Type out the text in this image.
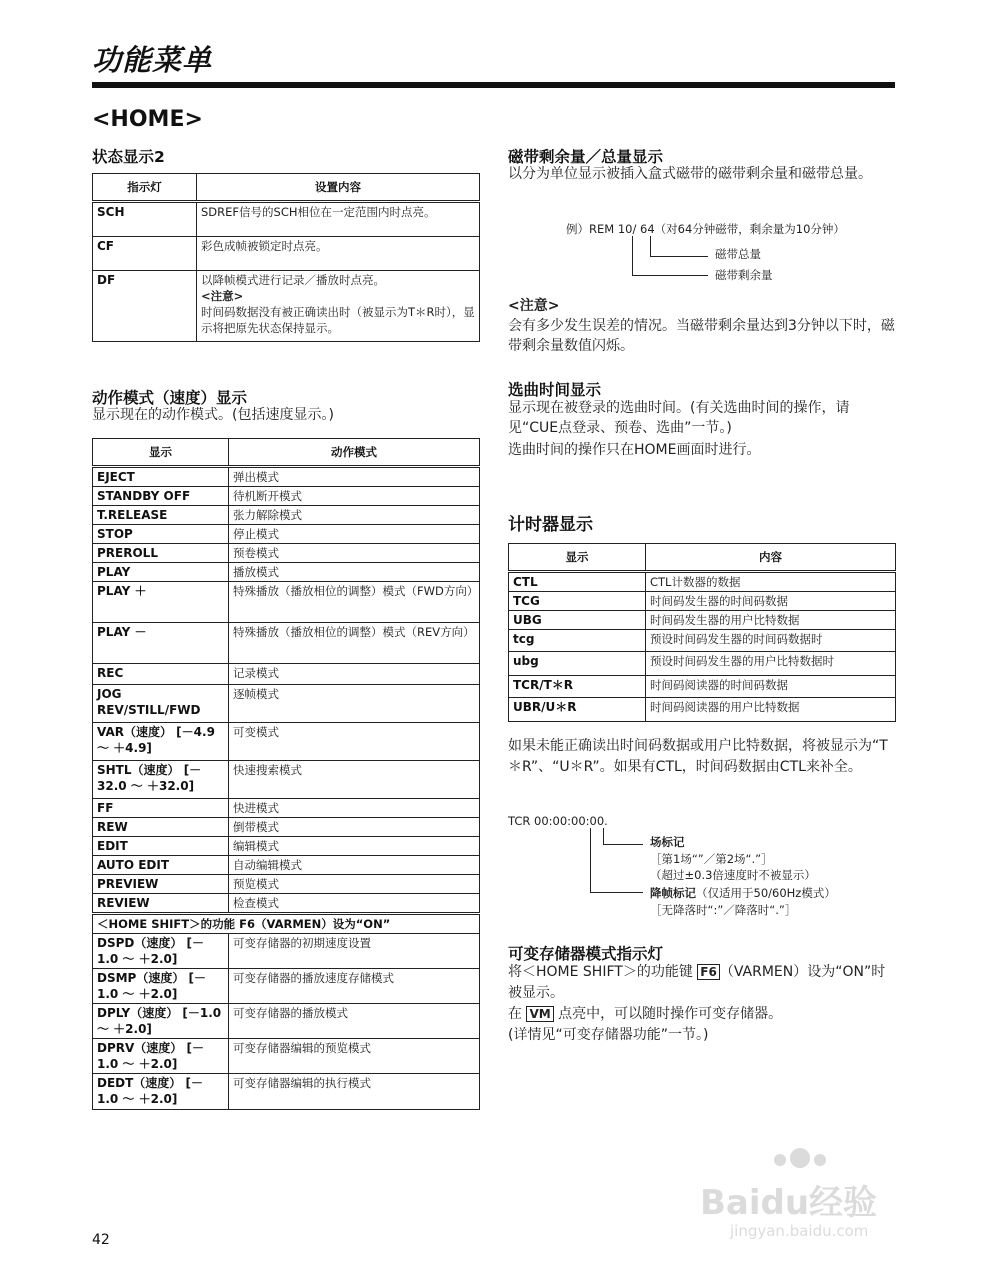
功能菜单
<HOME>
状态显示2
指示灯	设置内容
SCH	SDREF信号的SCH相位在一定范围内时点亮。
CF	彩色成帧被锁定时点亮。
DF	以降帧模式进行记录／播放时点亮。
<注意>
时间码数据没有被正确读出时（被显示为T＊R时），显示将把原先状态保持显示。
动作模式（速度）显示
显示现在的动作模式。(包括速度显示。)
显示	动作模式
EJECT	弹出模式
STANDBY OFF	待机断开模式
T.RELEASE	张力解除模式
STOP	停止模式
PREROLL	预卷模式
PLAY	播放模式
PLAY ＋	特殊播放（播放相位的调整）模式（FWD方向）
PLAY －	特殊播放（播放相位的调整）模式（REV方向）
REC	记录模式
JOG REV/STILL/FWD	逐帧模式
VAR（速度） [－4.9 ～ ＋4.9]	可变模式
SHTL（速度） [－32.0 ～ ＋32.0]	快速搜索模式
FF	快进模式
REW	倒带模式
EDIT	编辑模式
AUTO EDIT	自动编辑模式
PREVIEW	预览模式
REVIEW	检查模式
＜HOME SHIFT＞的功能 F6（VARMEN）设为“ON”	
DSPD（速度） [－1.0 ～ ＋2.0]	可变存储器的初期速度设置
DSMP（速度） [－1.0 ～ ＋2.0]	可变存储器的播放速度存储模式
DPLY（速度） [－1.0 ～ ＋2.0]	可变存储器的播放模式
DPRV（速度） [－1.0 ～ ＋2.0]	可变存储器编辑的预览模式
DEDT（速度） [－1.0 ～ ＋2.0]	可变存储器编辑的执行模式
磁带剩余量／总量显示
以分为单位显示被插入盒式磁带的磁带剩余量和磁带总量。
例）REM 10/ 64（对64分钟磁带，剩余量为10分钟）
磁带总量
磁带剩余量
<注意>
会有多少发生误差的情况。当磁带剩余量达到3分钟以下时，磁带剩余量数值闪烁。
选曲时间显示
显示现在被登录的选曲时间。(有关选曲时间的操作，请见“CUE点登录、预卷、选曲”一节。)
选曲时间的操作只在HOME画面时进行。
计时器显示
显示	内容
CTL	CTL计数器的数据
TCG	时间码发生器的时间码数据
UBG	时间码发生器的用户比特数据
tcg	预设时间码发生器的时间码数据时
ubg	预设时间码发生器的用户比特数据时
TCR/T＊R	时间码阅读器的时间码数据
UBR/U＊R	时间码阅读器的用户比特数据
如果未能正确读出时间码数据或用户比特数据，将被显示为“T＊R”、“U＊R”。如果有CTL，时间码数据由CTL来补全。
TCR 00:00:00:00.
场标记
［第1场“”／第2场“.”］
（超过±0.3倍速度时不被显示）
降帧标记（仅适用于50/60Hz模式）
［无降落时“:”／降落时“.”］
可变存储器模式指示灯
将＜HOME SHIFT＞的功能键 F6 （VARMEN）设为“ON”时被显示。
在 VM 点亮中，可以随时操作可变存储器。
(详情见“可变存储器功能”一节。)
Baidu经验
jingyan.baidu.com
42
